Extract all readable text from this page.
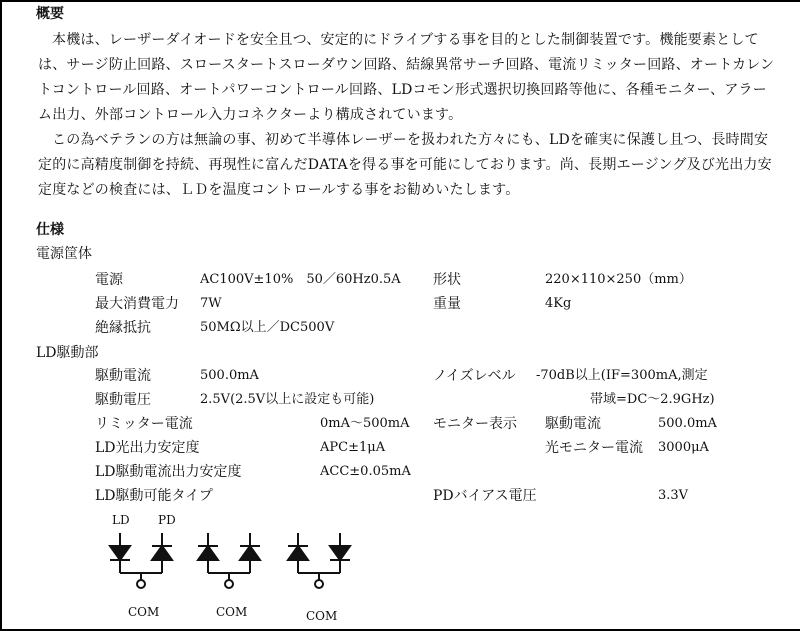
概要

本機は、レーザーダイオードを安全且つ、安定的にドライブする事を目的とした制御装置です。機能要素としては、サージ防止回路、スロースタートスローダウン回路、結線異常サーチ回路、電流リミッター回路、オートカレントコントロール回路、オートパワーコントロール回路、LDコモン形式選択切換回路等他に、各種モニター、アラーム出力、外部コントロール入力コネクターより構成されています。

この為ベテランの方は無論の事、初めて半導体レーザーを扱われた方々にも、LDを確実に保護し且つ、長時間安定的に高精度制御を持続、再現性に富んだDATAを得る事を可能にしております。尚、長期エージング及び光出力安定度などの検査には、ＬＤを温度コントロールする事をお勧めいたします。

仕様
電源筐体
電源	AC100V±10%　50／60Hz0.5A 形状	220×110×250（mm）
最大消費電力 7W	重量	4Kg
絶縁抵抗	50MΩ以上／DC500V
LD駆動部
駆動電流	500.0mA	ノイズレベル -70dB以上(IF=300mA,測定
帯域=DC～2.9GHz)
駆動電圧	2.5V(2.5V以上に設定も可能)
リミッター電流	0mA～500mA モニター表示 駆動電流	500.0mA
LD光出力安定度	APC±1μA	光モニター電流 3000μA
LD駆動電流出力安定度	ACC±0.05mA
LD駆動可能タイプ	PDバイアス電圧	3.3V
LD PD
COM	COM	COM
